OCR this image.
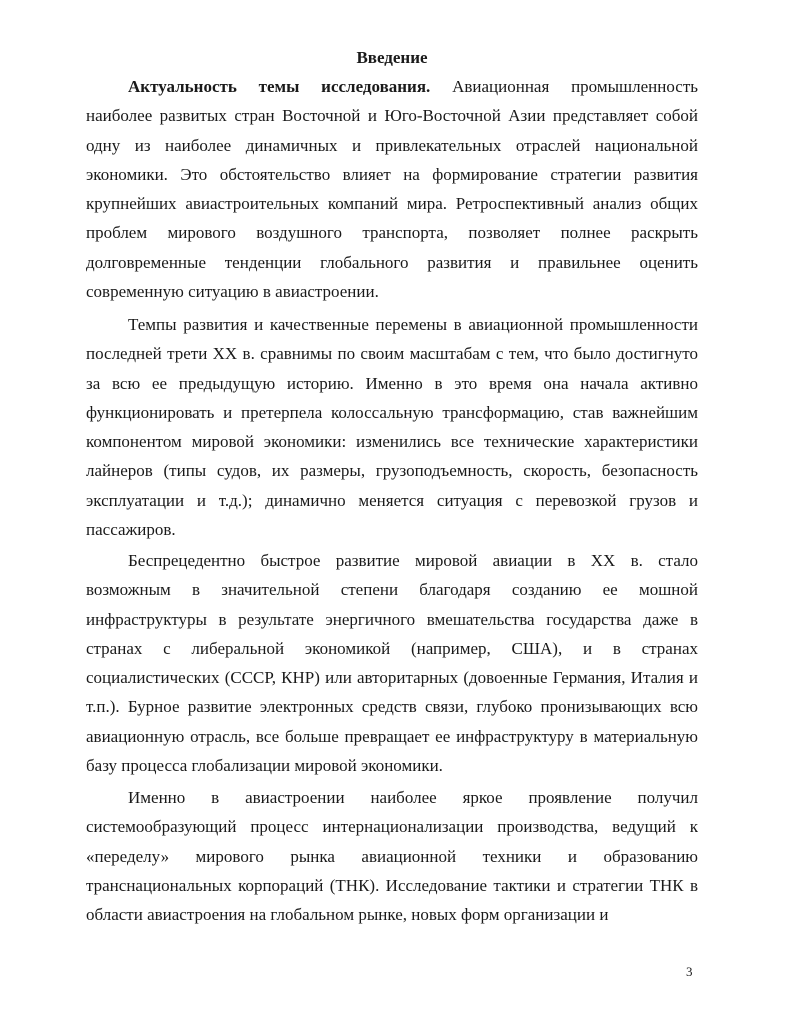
Введение

Актуальность темы исследования. Авиационная промышленность наиболее развитых стран Восточной и Юго-Восточной Азии представляет собой одну из наиболее динамичных и привлекательных отраслей национальной экономики. Это обстоятельство влияет на формирование стратегии развития крупнейших авиастроительных компаний мира. Ретроспективный анализ общих проблем мирового воздушного транспорта, позволяет полнее раскрыть долговременные тенденции глобального развития и правильнее оценить современную ситуацию в авиастроении.

Темпы развития и качественные перемены в авиационной промышленности последней трети XX в. сравнимы по своим масштабам с тем, что было достигнуто за всю ее предыдущую историю. Именно в это время она начала активно функционировать и претерпела колоссальную трансформацию, став важнейшим компонентом мировой экономики: изменились все технические характеристики лайнеров (типы судов, их размеры, грузоподъемность, скорость, безопасность эксплуатации и т.д.); динамично меняется ситуация с перевозкой грузов и пассажиров.

Беспрецедентно быстрое развитие мировой авиации в XX в. стало возможным в значительной степени благодаря созданию ее мошной инфраструктуры в результате энергичного вмешательства государства даже в странах с либеральной экономикой (например, США), и в странах социалистических (СССР, КНР) или авторитарных (довоенные Германия, Италия и т.п.). Бурное развитие электронных средств связи, глубоко пронизывающих всю авиационную отрасль, все больше превращает ее инфраструктуру в материальную базу процесса глобализации мировой экономики.

Именно в авиастроении наиболее яркое проявление получил системообразующий процесс интернационализации производства, ведущий к «переделу» мирового рынка авиационной техники и образованию транснациональных корпораций (ТНК). Исследование тактики и стратегии ТНК в области авиастроения на глобальном рынке, новых форм организации и

3
